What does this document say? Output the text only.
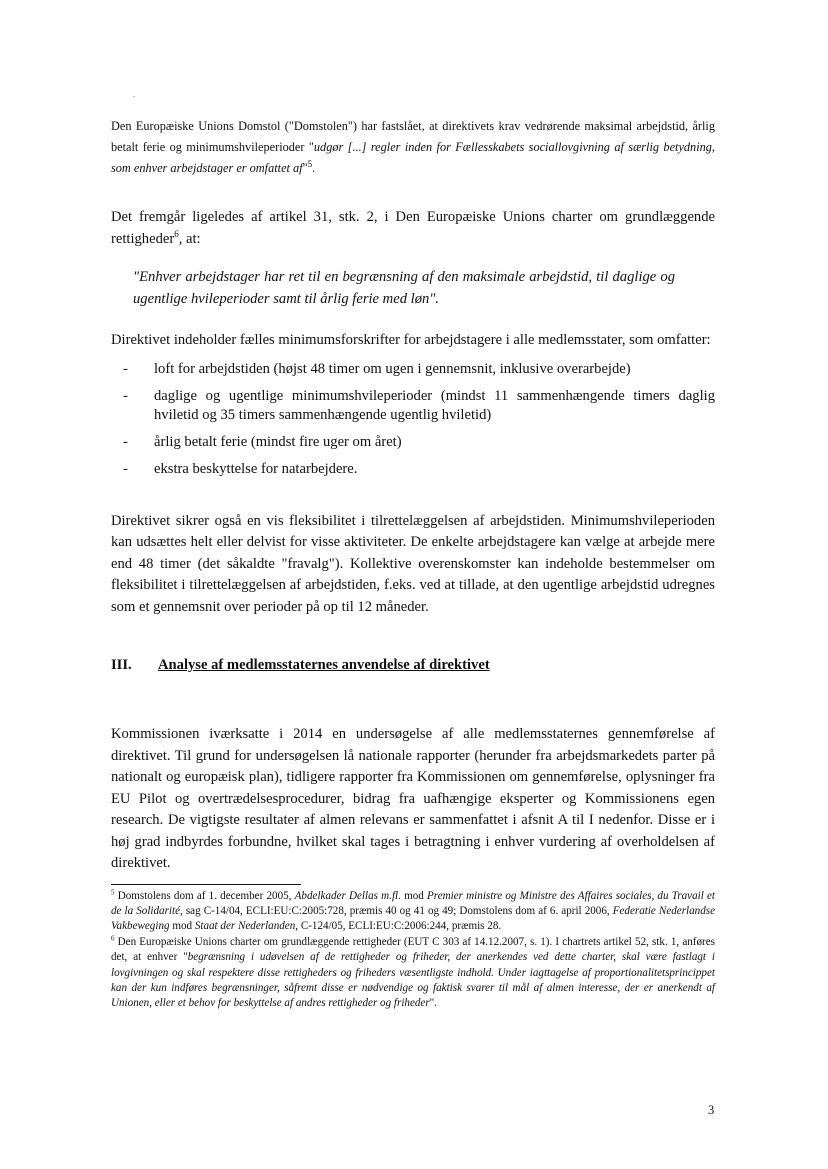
Den Europæiske Unions Domstol ("Domstolen") har fastslået, at direktivets krav vedrørende maksimal arbejdstid, årlig betalt ferie og minimumshvileperioder "udgør [...] regler inden for Fællesskabets sociallovgivning af særlig betydning, som enhver arbejdstager er omfattet af"$^5$.

Det fremgår ligeledes af artikel 31, stk. 2, i Den Europæiske Unions charter om grundlæggende rettigheder$^6$, at:

"Enhver arbejdstager har ret til en begrænsning af den maksimale arbejdstid, til daglige og ugentlige hvileperioder samt til årlig ferie med løn".

Direktivet indeholder fælles minimumsforskrifter for arbejdstagere i alle medlemsstater, som omfatter:

- loft for arbejdstiden (højst 48 timer om ugen i gennemsnit, inklusive overarbejde)
- daglige og ugentlige minimumshvileperioder (mindst 11 sammenhængende timers daglig hviletid og 35 timers sammenhængende ugentlig hviletid)
- årlig betalt ferie (mindst fire uger om året)
- ekstra beskyttelse for natarbejdere.

Direktivet sikrer også en vis fleksibilitet i tilrettelæggelsen af arbejdstiden. Minimumshvileperioden kan udsættes helt eller delvist for visse aktiviteter. De enkelte arbejdstagere kan vælge at arbejde mere end 48 timer (det såkaldte "fravalg"). Kollektive overenskomster kan indeholde bestemmelser om fleksibilitet i tilrettelæggelsen af arbejdstiden, f.eks. ved at tillade, at den ugentlige arbejdstid udregnes som et gennemsnit over perioder på op til 12 måneder.

III. Analyse af medlemsstaternes anvendelse af direktivet

Kommissionen iværksatte i 2014 en undersøgelse af alle medlemsstaternes gennemførelse af direktivet. Til grund for undersøgelsen lå nationale rapporter (herunder fra arbejdsmarkedets parter på nationalt og europæisk plan), tidligere rapporter fra Kommissionen om gennemførelse, oplysninger fra EU Pilot og overtrædelsesprocedurer, bidrag fra uafhængige eksperter og Kommissionens egen research. De vigtigste resultater af almen relevans er sammenfattet i afsnit A til I nedenfor. Disse er i høj grad indbyrdes forbundne, hvilket skal tages i betragtning i enhver vurdering af overholdelsen af direktivet.

$^5$ Domstolens dom af 1. december 2005, Abdelkader Dellas m.fl. mod Premier ministre og Ministre des Affaires sociales, du Travail et de la Solidarité, sag C-14/04, ECLI:EU:C:2005:728, præmis 40 og 41 og 49; Domstolens dom af 6. april 2006, Federatie Nederlandse Vakbeweging mod Staat der Nederlanden, C-124/05, ECLI:EU:C:2006:244, præmis 28.

$^6$ Den Europæiske Unions charter om grundlæggende rettigheder (EUT C 303 af 14.12.2007, s. 1). I chartrets artikel 52, stk. 1, anføres det, at enhver "begrænsning i udøvelsen af de rettigheder og friheder, der anerkendes ved dette charter, skal være fastlagt i lovgivningen og skal respektere disse rettigheders og friheders væsentligste indhold. Under iagttagelse af proportionalitetsprincippet kan der kun indføres begrænsninger, såfremt disse er nødvendige og faktisk svarer til mål af almen interesse, der er anerkendt af Unionen, eller et behov for beskyttelse af andres rettigheder og friheder".

3
